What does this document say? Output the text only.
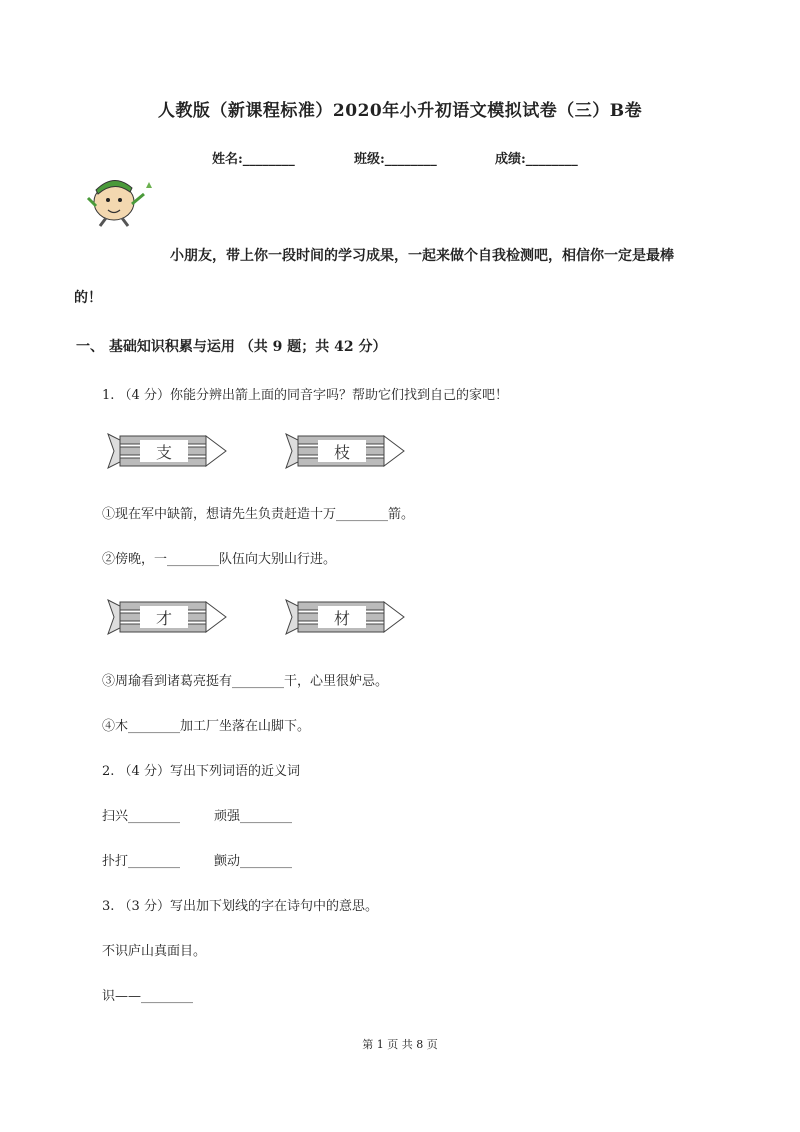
人教版（新课程标准）2020年小升初语文模拟试卷（三）B卷
姓名:________	班级:________	成绩:________
小朋友，带上你一段时间的学习成果，一起来做个自我检测吧，相信你一定是最棒
的！
一、 基础知识积累与运用 （共 9 题；共 42 分）
1. （4 分）你能分辨出箭上面的同音字吗？帮助它们找到自己的家吧！
支	枝
①现在军中缺箭，想请先生负责赶造十万________箭。
②傍晚，一________队伍向大别山行进。
才	材
③周瑜看到诸葛亮挺有________干，心里很妒忌。
④木________加工厂坐落在山脚下。
2. （4 分）写出下列词语的近义词
扫兴________	顽强________
扑打________	颤动________
3. （3 分）写出加下划线的字在诗句中的意思。
不识庐山真面目。
识——________
第 1 页 共 8 页
